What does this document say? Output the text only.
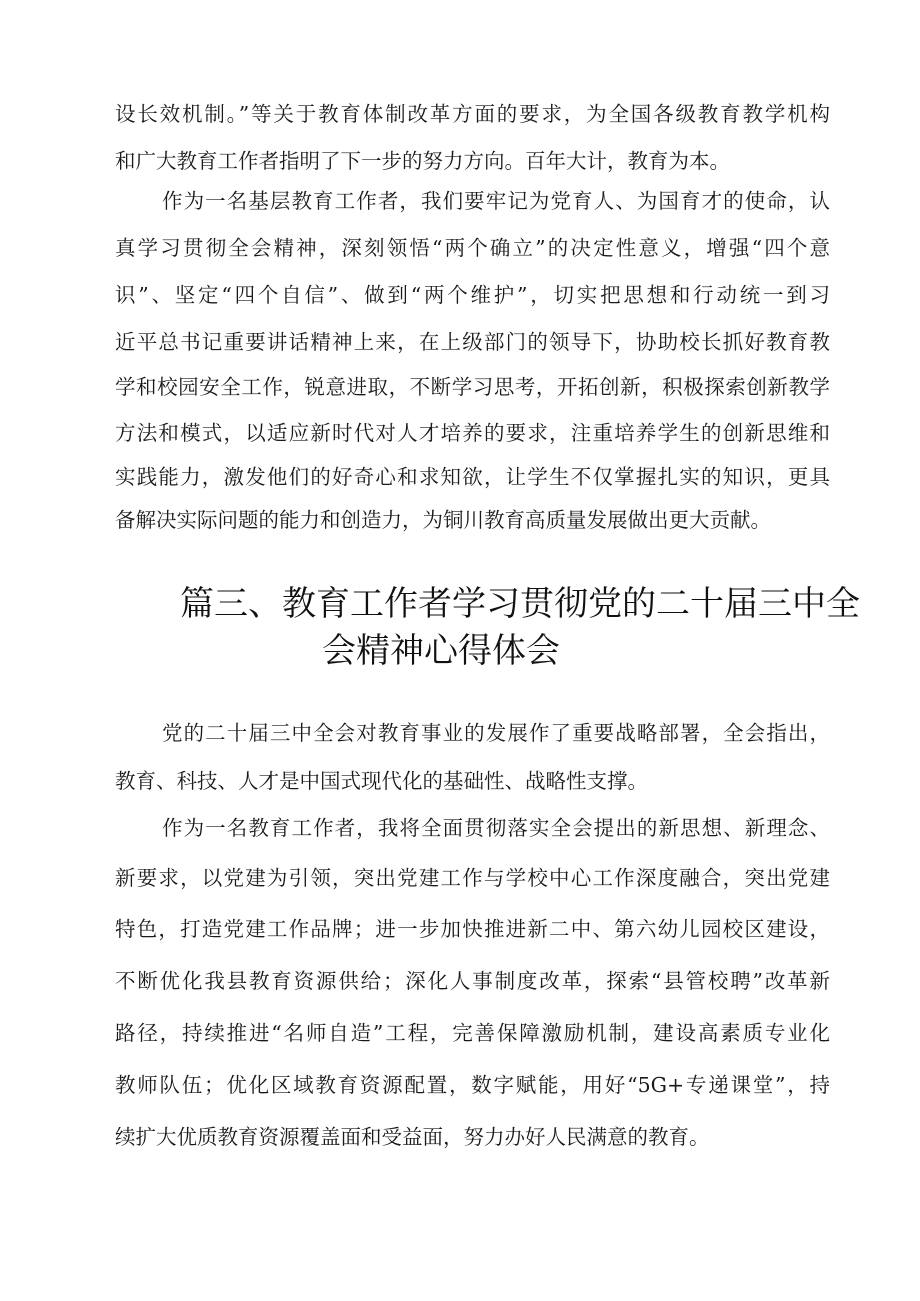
设长效机制。”等关于教育体制改革方面的要求，为全国各级教育教学机构
和广大教育工作者指明了下一步的努力方向。百年大计，教育为本。
作为一名基层教育工作者，我们要牢记为党育人、为国育才的使命，认
真学习贯彻全会精神，深刻领悟“两个确立”的决定性意义，增强“四个意
识”、坚定“四个自信”、做到“两个维护”，切实把思想和行动统一到习
近平总书记重要讲话精神上来，在上级部门的领导下，协助校长抓好教育教
学和校园安全工作，锐意进取，不断学习思考，开拓创新，积极探索创新教学
方法和模式，以适应新时代对人才培养的要求，注重培养学生的创新思维和
实践能力，激发他们的好奇心和求知欲，让学生不仅掌握扎实的知识，更具
备解决实际问题的能力和创造力，为铜川教育高质量发展做出更大贡献。
篇三、教育工作者学习贯彻党的二十届三中全
会精神心得体会
党的二十届三中全会对教育事业的发展作了重要战略部署，全会指出，
教育、科技、人才是中国式现代化的基础性、战略性支撑。
作为一名教育工作者，我将全面贯彻落实全会提出的新思想、新理念、
新要求，以党建为引领，突出党建工作与学校中心工作深度融合，突出党建
特色，打造党建工作品牌；进一步加快推进新二中、第六幼儿园校区建设，
不断优化我县教育资源供给；深化人事制度改革，探索“县管校聘”改革新
路径，持续推进“名师自造”工程，完善保障激励机制，建设高素质专业化
教师队伍；优化区域教育资源配置，数字赋能，用好“5G+专递课堂”，持
续扩大优质教育资源覆盖面和受益面，努力办好人民满意的教育。
